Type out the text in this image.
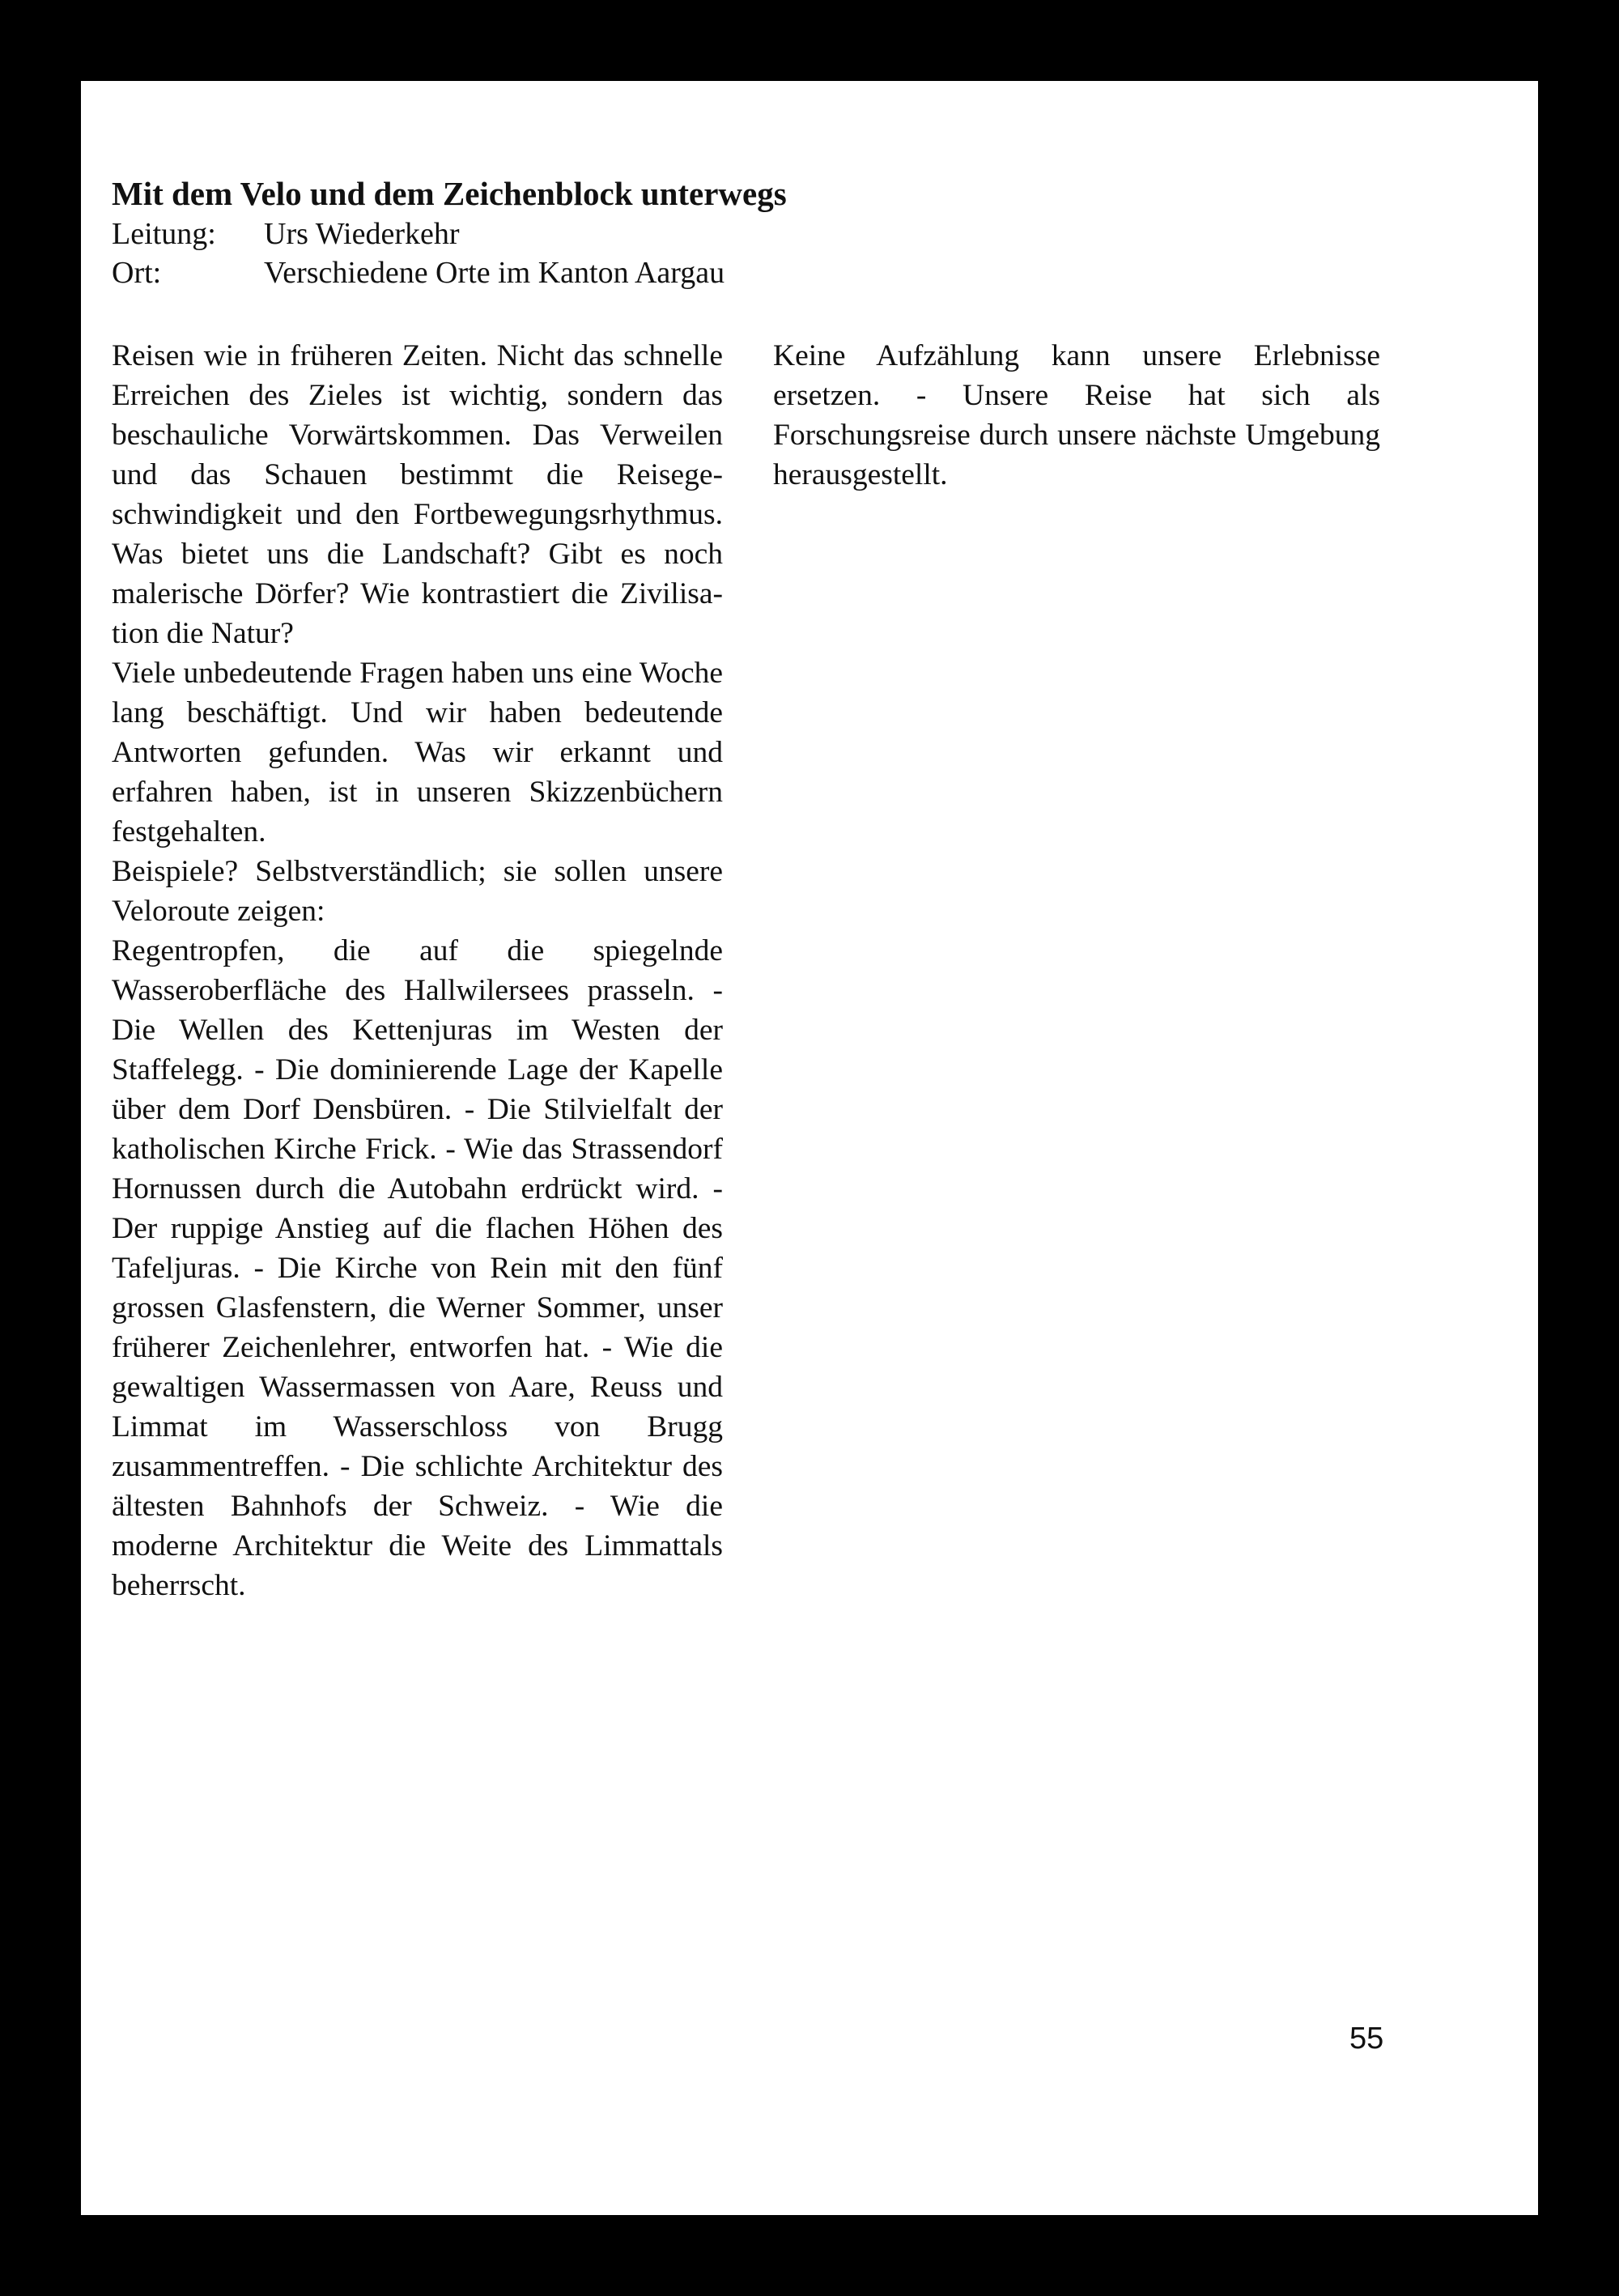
Mit dem Velo und dem Zeichenblock unterwegs
Leitung:	Urs Wiederkehr
Ort:	Verschiedene Orte im Kanton Aargau

Reisen wie in früheren Zeiten. Nicht das schnelle Erreichen des Zieles ist wichtig, sondern das beschauliche Vorwärtskommen. Das Verweilen und das Schauen bestimmt die Reisegeschwindigkeit und den Fortbewegungsrhythmus. Was bietet uns die Landschaft? Gibt es noch malerische Dörfer? Wie kontrastiert die Zivilisation die Natur?

Viele unbedeutende Fragen haben uns eine Woche lang beschäftigt. Und wir haben bedeutende Antworten gefunden. Was wir erkannt und erfahren haben, ist in unseren Skizzenbüchern festgehalten.

Beispiele? Selbstverständlich; sie sollen unsere Veloroute zeigen:

Regentropfen, die auf die spiegelnde Wasseroberfläche des Hallwilersees prasseln. - Die Wellen des Kettenjuras im Westen der Staffelegg. - Die dominierende Lage der Kapelle über dem Dorf Densbüren. - Die Stilvielfalt der katholischen Kirche Frick. - Wie das Strassendorf Hornussen durch die Autobahn erdrückt wird. - Der ruppige Anstieg auf die flachen Höhen des Tafeljuras. - Die Kirche von Rein mit den fünf grossen Glasfenstern, die Werner Sommer, unser früherer Zeichenlehrer, entworfen hat. - Wie die gewaltigen Wassermassen von Aare, Reuss und Limmat im Wasserschloss von Brugg zusammentreffen. - Die schlichte Architektur des ältesten Bahnhofs der Schweiz. - Wie die moderne Architektur die Weite des Limmattals beherrscht.

Keine Aufzählung kann unsere Erlebnisse ersetzen. - Unsere Reise hat sich als Forschungsreise durch unsere nächste Umgebung herausgestellt.

55
